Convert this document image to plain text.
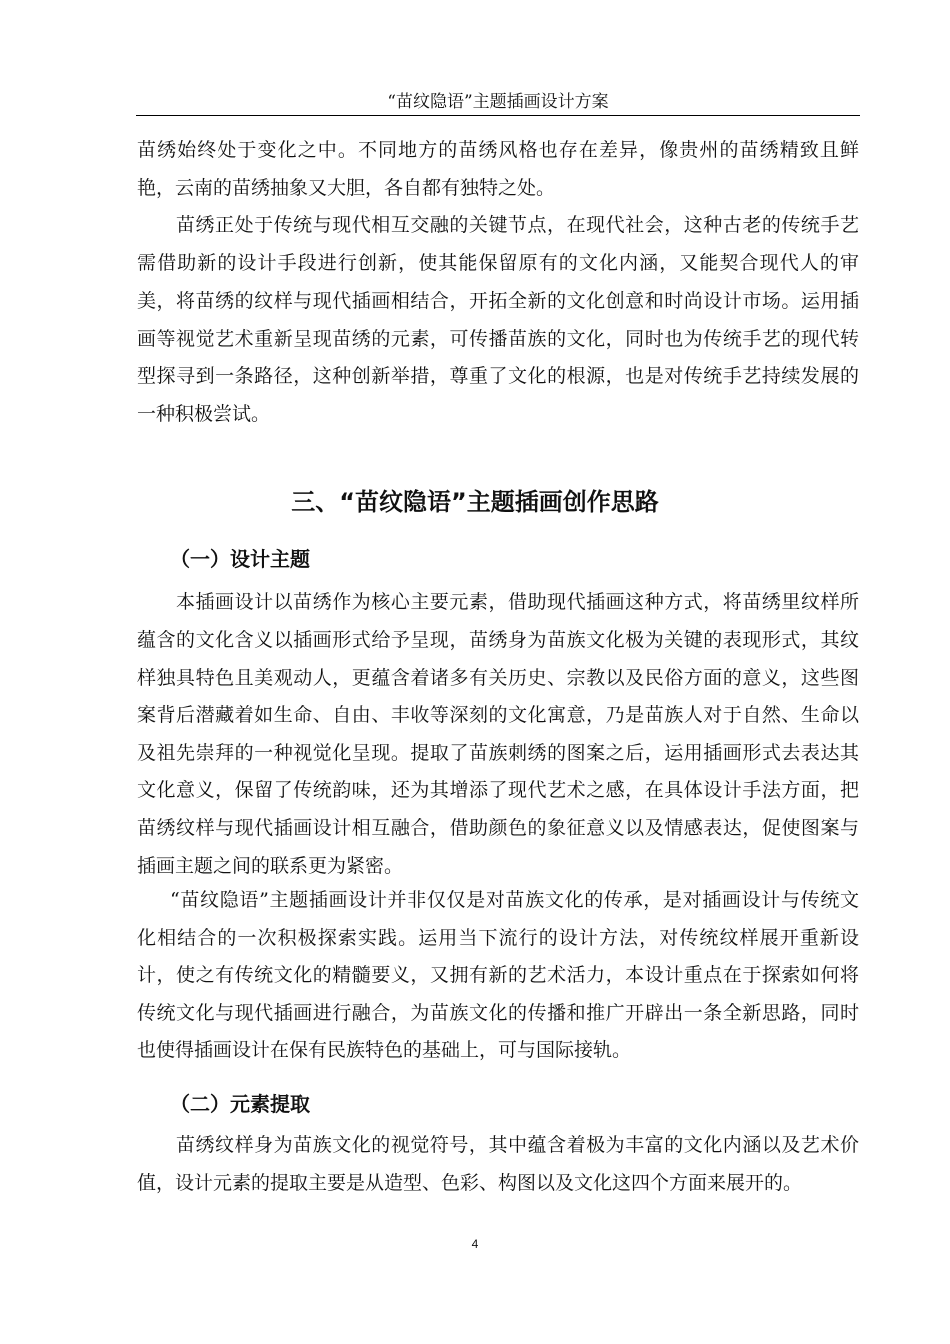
“苗纹隐语”主题插画设计方案
苗绣始终处于变化之中。不同地方的苗绣风格也存在差异，像贵州的苗绣精致且鲜
艳，云南的苗绣抽象又大胆，各自都有独特之处。
苗绣正处于传统与现代相互交融的关键节点，在现代社会，这种古老的传统手艺
需借助新的设计手段进行创新，使其能保留原有的文化内涵，又能契合现代人的审
美，将苗绣的纹样与现代插画相结合，开拓全新的文化创意和时尚设计市场。运用插
画等视觉艺术重新呈现苗绣的元素，可传播苗族的文化，同时也为传统手艺的现代转
型探寻到一条路径，这种创新举措，尊重了文化的根源，也是对传统手艺持续发展的
一种积极尝试。
三、“苗纹隐语”主题插画创作思路
（一）设计主题
本插画设计以苗绣作为核心主要元素，借助现代插画这种方式，将苗绣里纹样所
蕴含的文化含义以插画形式给予呈现，苗绣身为苗族文化极为关键的表现形式，其纹
样独具特色且美观动人，更蕴含着诸多有关历史、宗教以及民俗方面的意义，这些图
案背后潜藏着如生命、自由、丰收等深刻的文化寓意，乃是苗族人对于自然、生命以
及祖先崇拜的一种视觉化呈现。提取了苗族刺绣的图案之后，运用插画形式去表达其
文化意义，保留了传统韵味，还为其增添了现代艺术之感，在具体设计手法方面，把
苗绣纹样与现代插画设计相互融合，借助颜色的象征意义以及情感表达，促使图案与
插画主题之间的联系更为紧密。
“苗纹隐语”主题插画设计并非仅仅是对苗族文化的传承，是对插画设计与传统文
化相结合的一次积极探索实践。运用当下流行的设计方法，对传统纹样展开重新设
计，使之有传统文化的精髓要义，又拥有新的艺术活力，本设计重点在于探索如何将
传统文化与现代插画进行融合，为苗族文化的传播和推广开辟出一条全新思路，同时
也使得插画设计在保有民族特色的基础上，可与国际接轨。
（二）元素提取
苗绣纹样身为苗族文化的视觉符号，其中蕴含着极为丰富的文化内涵以及艺术价
值，设计元素的提取主要是从造型、色彩、构图以及文化这四个方面来展开的。
4
